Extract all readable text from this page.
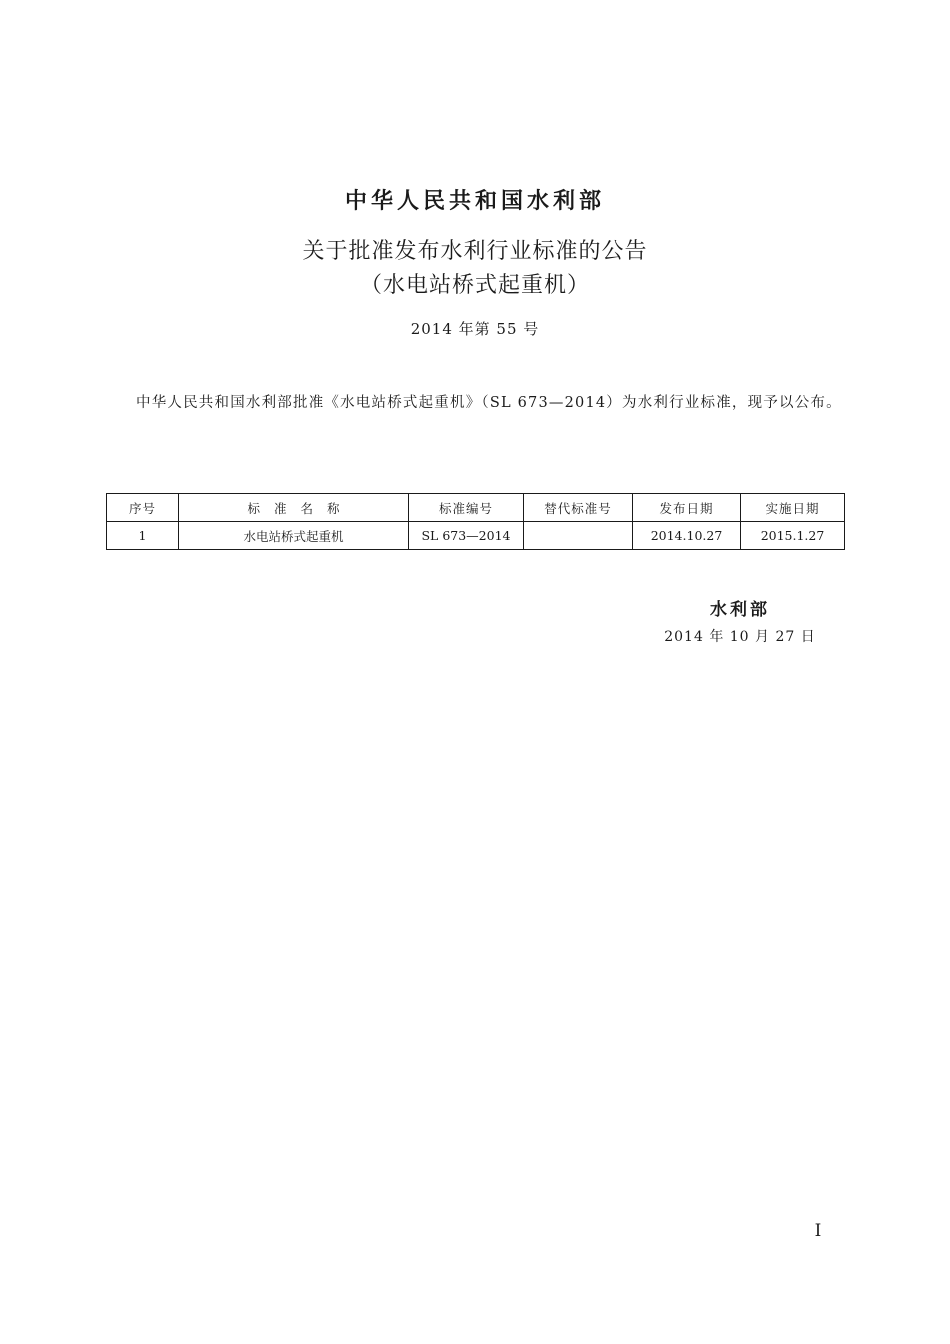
中华人民共和国水利部
关于批准发布水利行业标准的公告
（水电站桥式起重机）
2014 年第 55 号

中华人民共和国水利部批准《水电站桥式起重机》（SL 673—2014）为水利行业标准，现予以公布。

序号	标准名称	标准编号	替代标准号	发布日期	实施日期
1	水电站桥式起重机	SL 673—2014		2014.10.27	2015.1.27
水利部
2014 年 10 月 27 日
I
